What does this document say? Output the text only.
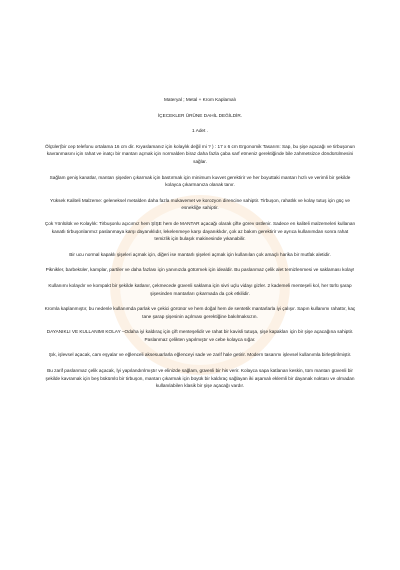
Materyal ; Metal + Krom Kaplamalı

İÇECEKLER ÜRÜNE DAHİL DEĞİLDİR.

1 Adet .

Ölçüler(bir cep telefonu ortalama 16 cm dir. Kıyaslamanız için kolaylık değil mi ? ) : 17 x 6 cm Ergonomik Tasarım: Sap, bu şişe açacağı ve tirbuşonun kavranmasını için rahat ve inatçı bir mantarı açmak için normalden biraz daha fazla çaba sarf etmeniz gerektiğinde bile zahmetsizce döndürülmesini sağlar.

Sağlam geniş kanatlar, mantarı şişeden çıkarmak için bastırmak için minimum kuvvet gerektirir ve her boyuttaki mantarı hızlı ve verimli bir şekilde kolayca çıkarmanıza olanak tanır.

Yüksek Kaliteli Malzeme: geleneksel metalden daha fazla mukavemet ve korozyon direncine sahiptir. Tirbuşon, rahatlık ve kolay tutuş için güç ve esnekliğe sahiptir.

Çok Yönlülük ve Kolaylık: Tirbuşonlu açıcımız hem ŞİŞE hem de MANTAR açacağı olarak çifte görev üstlenir. Sadece en kaliteli malzemeleri kullanan kanatlı tirbuşonlarımız paslanmaya karşı dayanıklıdır, lekelenmeye karşı dayanıklıdır, çok az bakım gerektirir ve ayrıca kullanımdan sonra rahat temizlik için bulaşık makinesinde yıkanabilir.

Bir ucu normal kapaklı şişeleri açmak için, diğeri ise mantarlı şişeleri açmak için kullanılan çok amaçlı harika bir mutfak aletidir.

Piknikler, barbeküler, kamplar, partiler ve daha fazlası için yanınızda götürmek için idealdir. Bu paslanmaz çelik alet temizlenmesi ve saklaması kolay!

Kullanımı kolaydır ve kompakt bir şekilde katlanır, çekmecede güvenli saklama için sivri uçlu vidayı gizler. 2 kademeli menteşeli kol, her türlü şarap şişesinden mantarları çıkarmada da çok etkilidir.

Kromla kaplanmıştır, bu nedenle kullanımda parlak ve çekici görünür ve hem doğal hem de sentetik mantarlarla iyi çalışır. Sapın kullanımı rahattır, kaç tane şarap şişesinin açılması gerektiğine bakılmaksızın.

DAYANIKLI VE KULLANIMI KOLAY –Odaha iyi kaldıraç için çift menteşelidir ve rahat bir kavisli tutuşa, şişe kapakları için bir şişe açacağına sahiptir. Paslanmaz çelikten yapılmıştır ve cebe kolayca sığar.

Şık, işlevsel açacak, cam eşyalar ve eğlenceli aksesuarlarla eğlenceyi sade ve zarif hale getirir. Modern tasarımı işlevsel kullanımla birleştirilmiştir.

Bu zarif paslanmaz çelik açacak, İyi yapılandırılmıştır ve elinizde sağlam, güvenli bir his verir. Kolayca sapa katlanan keskin, tüm mantarı güvenli bir şekilde kavramak için beş bükümlü bir tirbuşon, mantarı çıkarmak için büyük bir kaldıraç sağlayan iki aşamalı eklemli bir dayanak noktası ve olmadan kullanılabilen klasik bir şişe açacağı vardır.
